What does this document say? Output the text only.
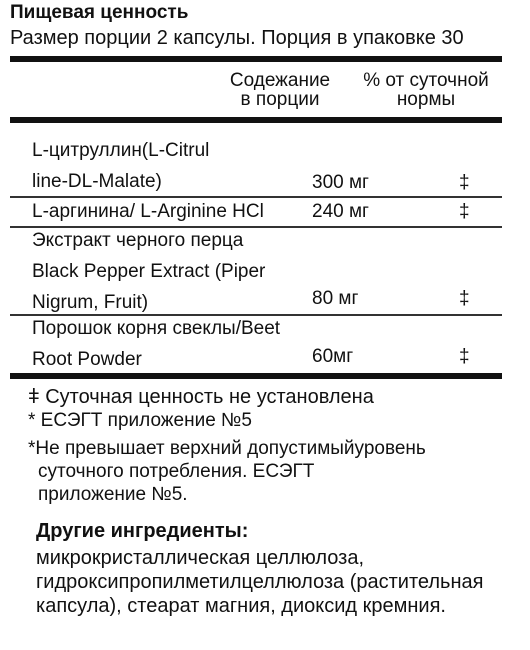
Пищевая ценность
Размер порции 2 капсулы. Порция в упаковке 30
Содежание
в порции
% от суточной
нормы
L-цитруллин(L-Citrul
line-DL-Malate)	300 мг	‡
L-аргинина/ L-Arginine HCl	240 мг	‡
Экстракт черного перца
Black Pepper Extract (Piper
Nigrum, Fruit)	80 мг	‡
Порошок корня свеклы/Beet
Root Powder	60мг	‡
ǂ Суточная ценность не установлена
* ЕСЭГТ приложение №5
*Не превышает верхний допустимыйуровень
суточного потребления. ЕСЭГТ
приложение №5.
Другие ингредиенты:
микрокристаллическая целлюлоза, гидроксипропилметилцеллюлоза (растительная капсула), стеарат магния, диоксид кремния.
